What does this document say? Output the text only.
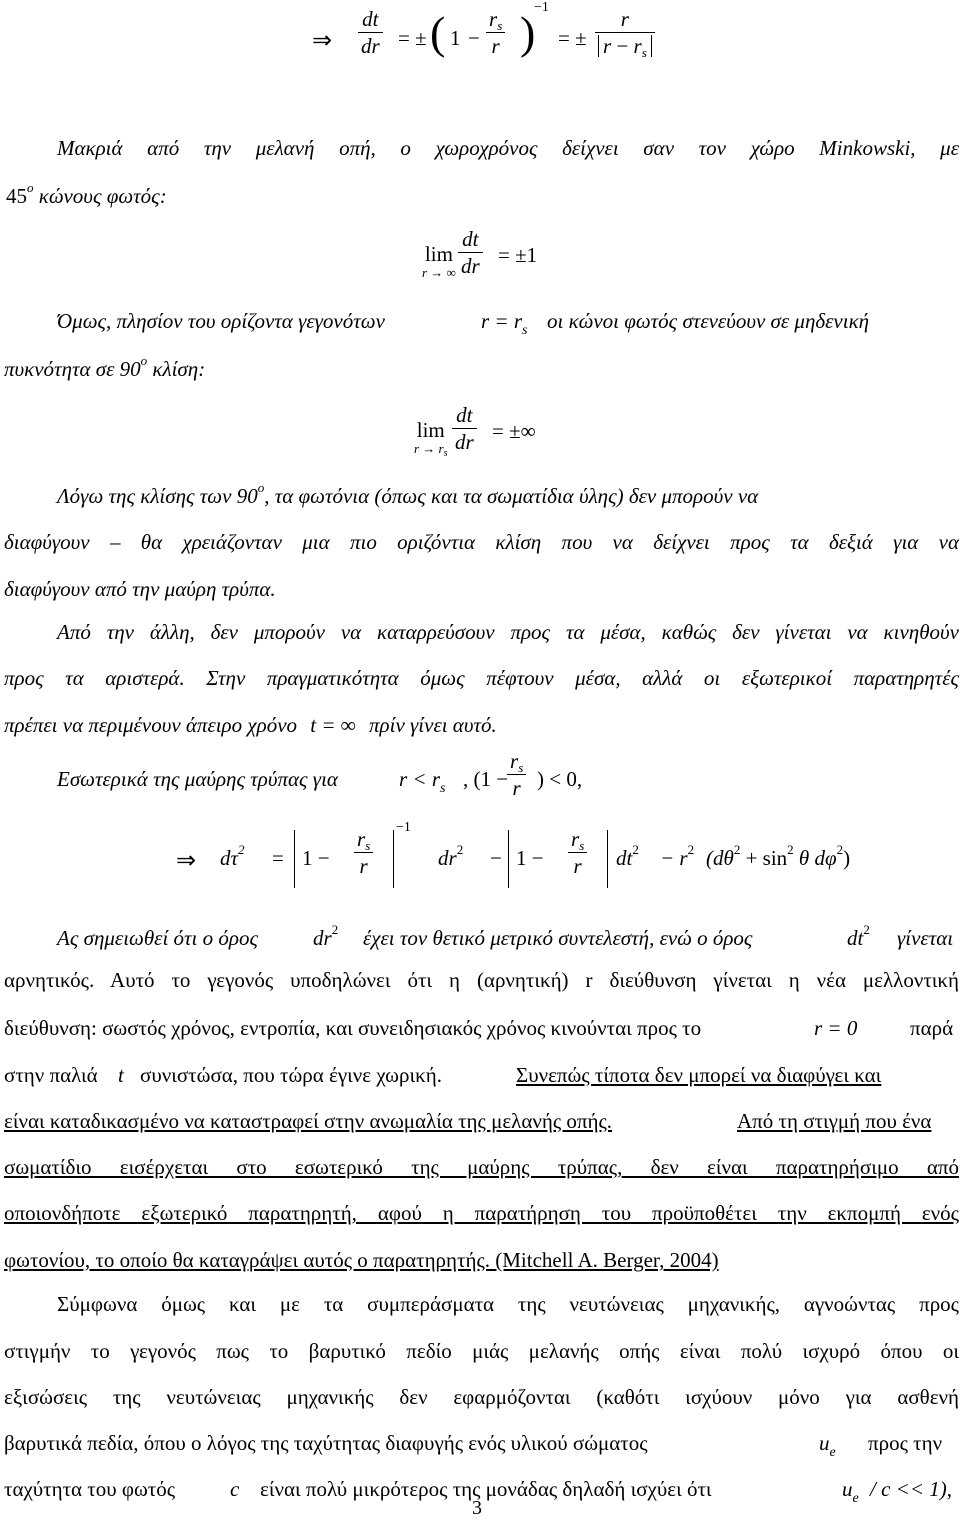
⇒ $\frac{dt}{dr}$ = ± ( $1 - \frac{rs}{r}$ )
−1
= ± $\frac{r}{r - rs}$
Μακριά από την μελανή οπή, ο χωροχρόνος δείχνει σαν τον χώρο Minkowski, με
45$^o$ κώνους φωτός:
lim
r → ∞ $\frac{dt}{dr} = \pm 1$
Όμως, πλησίον του ορίζοντα γεγονότων	$r = r_s$ οι κώνοι φωτός στενεύουν σε μηδενική
πυκνότητα σε 90$^o$ κλίση:
lim
$r \to r_s$
$\frac{dt}{dr}$ = ±∞
Λόγω της κλίσης των 90$^o$, τα φωτόνια (όπως και τα σωματίδια ύλης) δεν μπορούν να
διαφύγουν – θα χρειάζονταν μια πιο οριζόντια κλίση που να δείχνει προς τα δεξιά για να
διαφύγουν από την μαύρη τρύπα.
Από την άλλη, δεν μπορούν να καταρρεύσουν προς τα μέσα, καθώς δεν γίνεται να κινηθούν
προς τα αριστερά. Στην πραγματικότητα όμως πέφτουν μέσα, αλλά οι εξωτερικοί παρατηρητές
πρέπει να περιμένουν άπειρο χρόνο t = ∞ πρίν γίνει αυτό.
Εσωτερικά της μαύρης τρύπας για	$r < r_s$ , (1 −
$\frac{rs}{r}$ ) < 0,
⇒ $d\tau^2 = 1 - \frac{rs}{r}$
−1
$dr^2 - 1 - \frac{rs}{r} dt^2 - r^2$ ($d\theta^2 + \sin^2 \theta$ $d\varphi^2$)
Ας σημειωθεί ότι ο όρος	$dr^2$ έχει τον θετικό μετρικό συντελεστή, ενώ ο όρος	$dt^2$ γίνεται
αρνητικός. Αυτό το γεγονός υποδηλώνει ότι η (αρνητική) r διεύθυνση γίνεται η νέα μελλοντική
διεύθυνση: σωστός χρόνος, εντροπία, και συνειδησιακός χρόνος κινούνται προς το	r = 0	παρά
στην παλιά t συνιστώσα, που τώρα έγινε χωρική.	Συνεπώς τίποτα δεν μπορεί να διαφύγει και
είναι καταδικασμένο να καταστραφεί στην ανωμαλία της μελανής οπής.	Από τη στιγμή που ένα
σωματίδιο εισέρχεται στο εσωτερικό της μαύρης τρύπας, δεν είναι παρατηρήσιμο από
οποιονδήποτε εξωτερικό παρατηρητή, αφού η παρατήρηση του προϋποθέτει την εκπομπή ενός
φωτονίου, το οποίο θα καταγράψει αυτός ο παρατηρητής. (Mitchell A. Berger, 2004)
Σύμφωνα όμως και με τα συμπεράσματα της νευτώνειας μηχανικής, αγνοώντας προς
στιγμήν το γεγονός πως το βαρυτικό πεδίο μιάς μελανής οπής είναι πολύ ισχυρό όπου οι
εξισώσεις της νευτώνειας μηχανικής δεν εφαρμόζονται (καθότι ισχύουν μόνο για ασθενή
βαρυτικά πεδία, όπου ο λόγος της ταχύτητας διαφυγής ενός υλικού σώματος	$u_e$ προς την
ταχύτητα του φωτός	c είναι πολύ μικρότερος της μονάδας δηλαδή ισχύει ότι	$u_e / c << 1$),
3
